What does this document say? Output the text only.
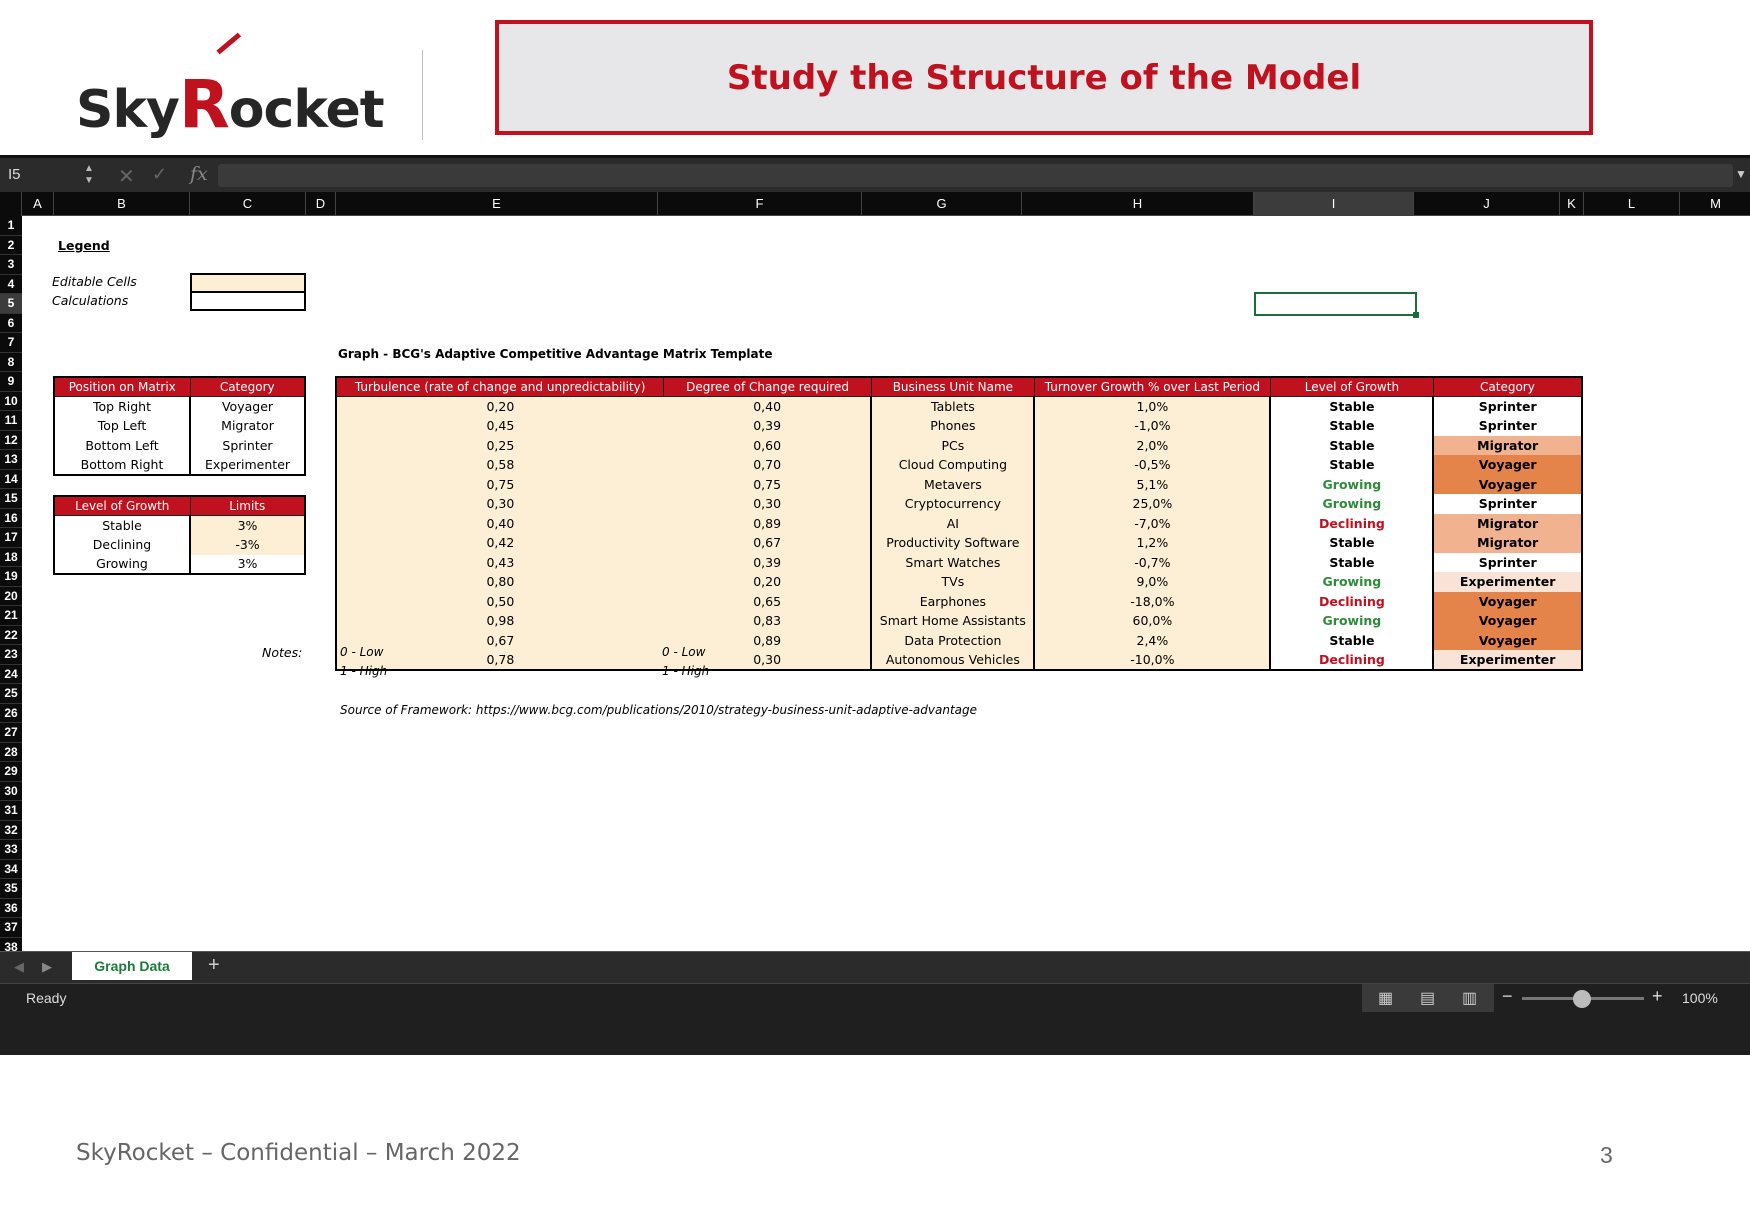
SkyRocket
Study the Structure of the Model
I5	▲
▼ ✕ ✓ fx	▼
A	B	C	D	E	F	G	H	I	J	K	L	M
1
2
3
4
5
6
7
8
9
10
11
12
13
14
15
16
17
18
19
20
21
22
23
24
25
26
27
28
29
30
31
32
33
34
35
36
37
38
Legend
Editable Cells
Calculations
Graph - BCG's Adaptive Competitive Advantage Matrix Template
Position on Matrix	Category
Top Right	Voyager
Top Left	Migrator
Bottom Left	Sprinter
Bottom Right	Experimenter
Level of Growth	Limits
Stable	3%
Declining	-3%
Growing	3%
Turbulence (rate of change and unpredictability)	Degree of Change required	Business Unit Name	Turnover Growth % over Last Period	Level of Growth	Category
0,20	0,40	Tablets	1,0%	Stable	Sprinter
0,45	0,39	Phones	-1,0%	Stable	Sprinter
0,25	0,60	PCs	2,0%	Stable	Migrator
0,58	0,70	Cloud Computing	-0,5%	Stable	Voyager
0,75	0,75	Metavers	5,1%	Growing	Voyager
0,30	0,30	Cryptocurrency	25,0%	Growing	Sprinter
0,40	0,89	AI	-7,0%	Declining	Migrator
0,42	0,67	Productivity Software	1,2%	Stable	Migrator
0,43	0,39	Smart Watches	-0,7%	Stable	Sprinter
0,80	0,20	TVs	9,0%	Growing	Experimenter
0,50	0,65	Earphones	-18,0%	Declining	Voyager
0,98	0,83	Smart Home Assistants	60,0%	Growing	Voyager
0,67	0,89	Data Protection	2,4%	Stable	Voyager
0,78	0,30	Autonomous Vehicles	-10,0%	Declining	Experimenter
Notes:	0 - Low
1 - High
0 - Low
1 - High
Source of Framework: https://www.bcg.com/publications/2010/strategy-business-unit-adaptive-advantage
◀ ▶	Graph Data	+
Ready	▦ ▤ ▥ −	+ 100%
SkyRocket – Confidential – March 2022	3
